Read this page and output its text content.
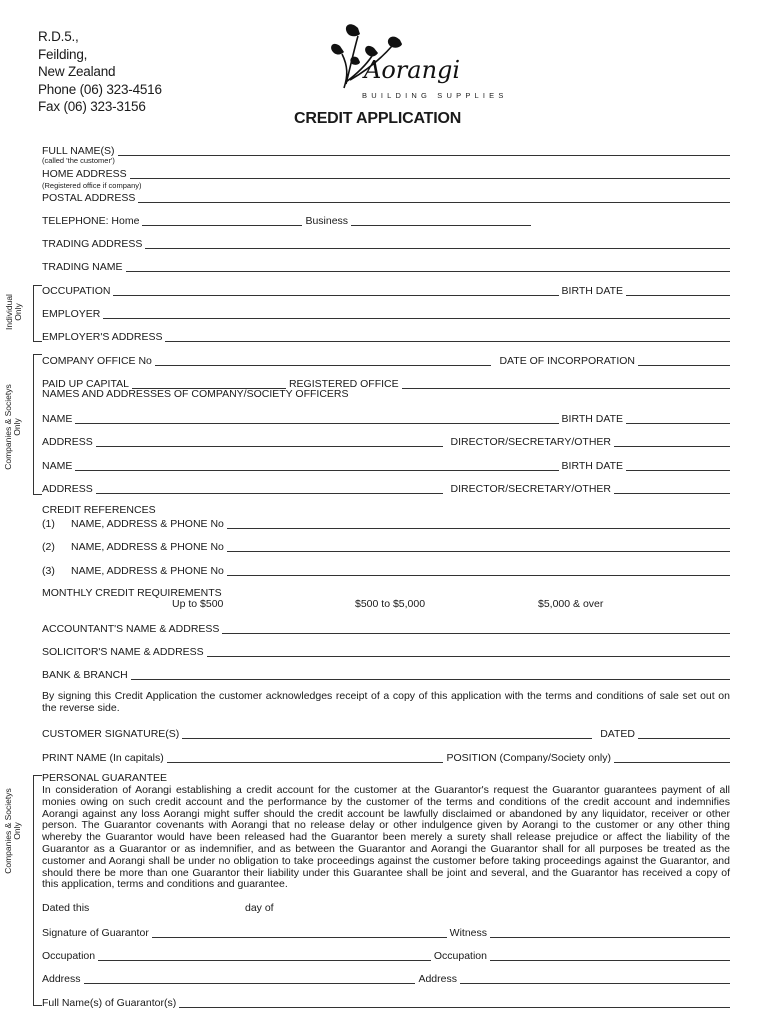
R.D.5.,
Feilding,
New Zealand
Phone (06) 323-4516
Fax (06) 323-3156
Aorangi
BUILDING SUPPLIES
CREDIT APPLICATION
FULL NAME(S)
(called 'the customer')
HOME ADDRESS
(Registered office if company)
POSTAL ADDRESS
TELEPHONE: Home	Business
TRADING ADDRESS
TRADING NAME
Individual Only
OCCUPATION	BIRTH DATE
EMPLOYER
EMPLOYER'S ADDRESS
Companies & Societys Only
COMPANY OFFICE No	DATE OF INCORPORATION
PAID UP CAPITAL	REGISTERED OFFICE
NAMES AND ADDRESSES OF COMPANY/SOCIETY OFFICERS
NAME	BIRTH DATE
ADDRESS	DIRECTOR/SECRETARY/OTHER
NAME	BIRTH DATE
ADDRESS	DIRECTOR/SECRETARY/OTHER
CREDIT REFERENCES
(1)	NAME, ADDRESS & PHONE No
(2)	NAME, ADDRESS & PHONE No
(3)	NAME, ADDRESS & PHONE No
MONTHLY CREDIT REQUIREMENTS
Up to $500	$500 to $5,000	$5,000 & over
ACCOUNTANT'S NAME & ADDRESS
SOLICITOR'S NAME & ADDRESS
BANK & BRANCH
By signing this Credit Application the customer acknowledges receipt of a copy of this application with the terms and conditions of sale set out on the reverse side.
CUSTOMER SIGNATURE(S)	DATED
PRINT NAME (In capitals)	POSITION (Company/Society only)
Companies & Societys Only
PERSONAL GUARANTEE
In consideration of Aorangi establishing a credit account for the customer at the Guarantor's request the Guarantor guarantees payment of all monies owing on such credit account and the performance by the customer of the terms and conditions of the credit account and indemnifies Aorangi against any loss Aorangi might suffer should the credit account be lawfully disclaimed or abandoned by any liquidator, receiver or other person. The Guarantor covenants with Aorangi that no release delay or other indulgence given by Aorangi to the customer or any other thing whereby the Guarantor would have been released had the Guarantor been merely a surety shall release prejudice or affect the liability of the Guarantor as a Guarantor or as indemnifier, and as between the Guarantor and Aorangi the Guarantor shall for all purposes be treated as the customer and Aorangi shall be under no obligation to take proceedings against the customer before taking proceedings against the Guarantor, and should there be more than one Guarantor their liability under this Guarantee shall be joint and several, and the Guarantor has received a copy of this application, terms and conditions and guarantee.
Dated this	day of
Signature of Guarantor	Witness
Occupation	Occupation
Address	Address
Full Name(s) of Guarantor(s)
